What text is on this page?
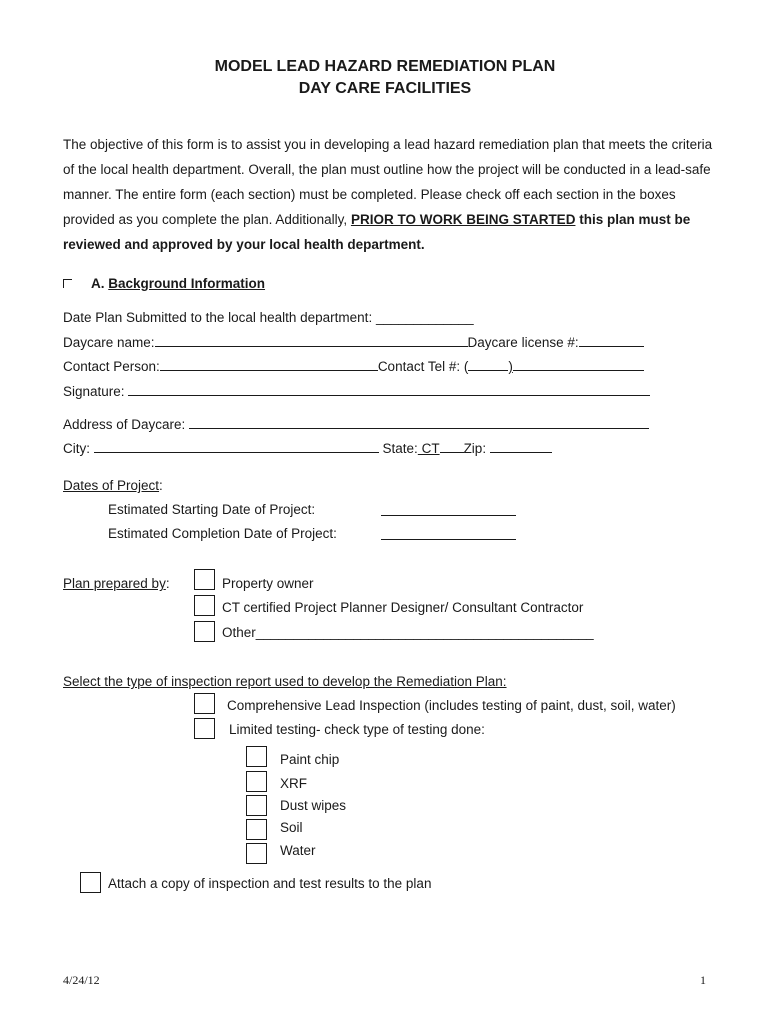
MODEL LEAD HAZARD REMEDIATION PLAN
DAY CARE FACILITIES
The objective of this form is to assist you in developing a lead hazard remediation plan that meets the criteria of the local health department. Overall, the plan must outline how the project will be conducted in a lead-safe manner. The entire form (each section) must be completed. Please check off each section in the boxes provided as you complete the plan. Additionally, PRIOR TO WORK BEING STARTED this plan must be reviewed and approved by your local health department.
A. Background Information
Date Plan Submitted to the local health department: _____________
Daycare name:	Daycare license #:
Contact Person:	Contact Tel #: (	)
Signature:
Address of Daycare:
City:	State: CT Zip:
Dates of Project:
Estimated Starting Date of Project:
Estimated Completion Date of Project:
Plan prepared by:	Property owner
CT certified Project Planner Designer/ Consultant Contractor
Other_____________________________________________
Select the type of inspection report used to develop the Remediation Plan:
Comprehensive Lead Inspection (includes testing of paint, dust, soil, water)
Limited testing- check type of testing done:
Paint chip
XRF
Dust wipes
Soil
Water
Attach a copy of inspection and test results to the plan
4/24/12	1
